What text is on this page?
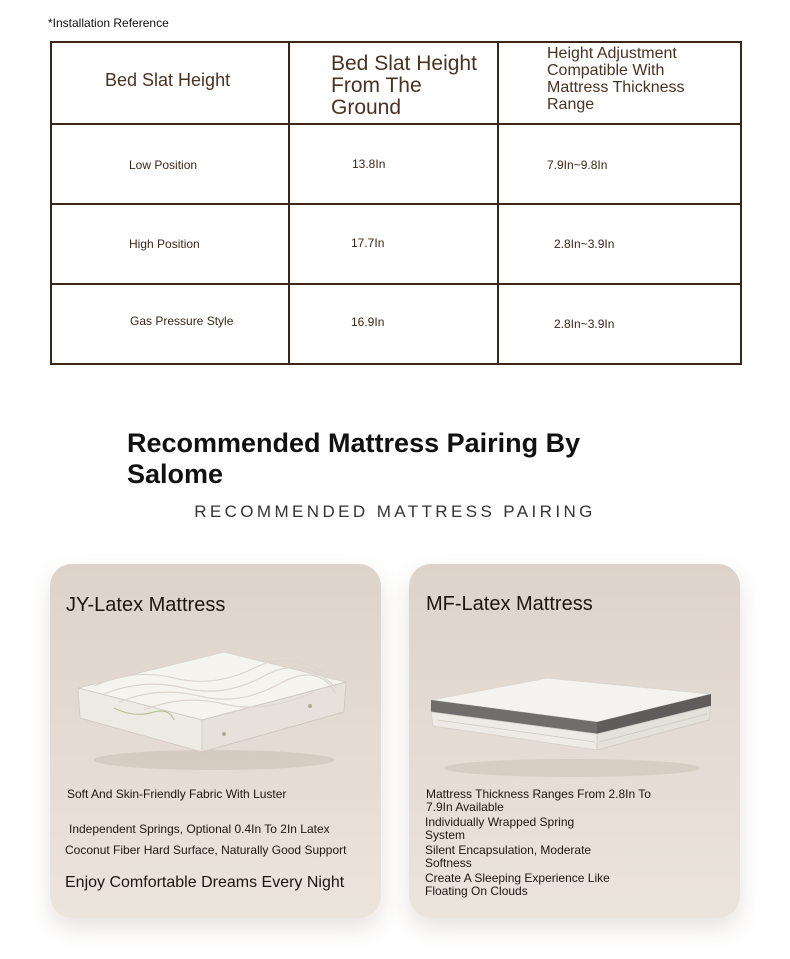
*Installation Reference
Bed Slat Height	Bed Slat Height From The Ground	Height Adjustment Compatible With Mattress Thickness Range

Low Position	13.8In	7.9In~9.8In

High Position	17.7In	2.8In~3.9In

Gas Pressure Style	16.9In	2.8In~3.9In
Recommended Mattress Pairing By Salome
RECOMMENDED MATTRESS PAIRING
JY-Latex Mattress
Soft And Skin-Friendly Fabric With Luster
Independent Springs, Optional 0.4In To 2In Latex
Coconut Fiber Hard Surface, Naturally Good Support
Enjoy Comfortable Dreams Every Night
MF-Latex Mattress
Mattress Thickness Ranges From 2.8In To 7.9In Available
Individually Wrapped Spring System
Silent Encapsulation, Moderate Softness
Create A Sleeping Experience Like Floating On Clouds
